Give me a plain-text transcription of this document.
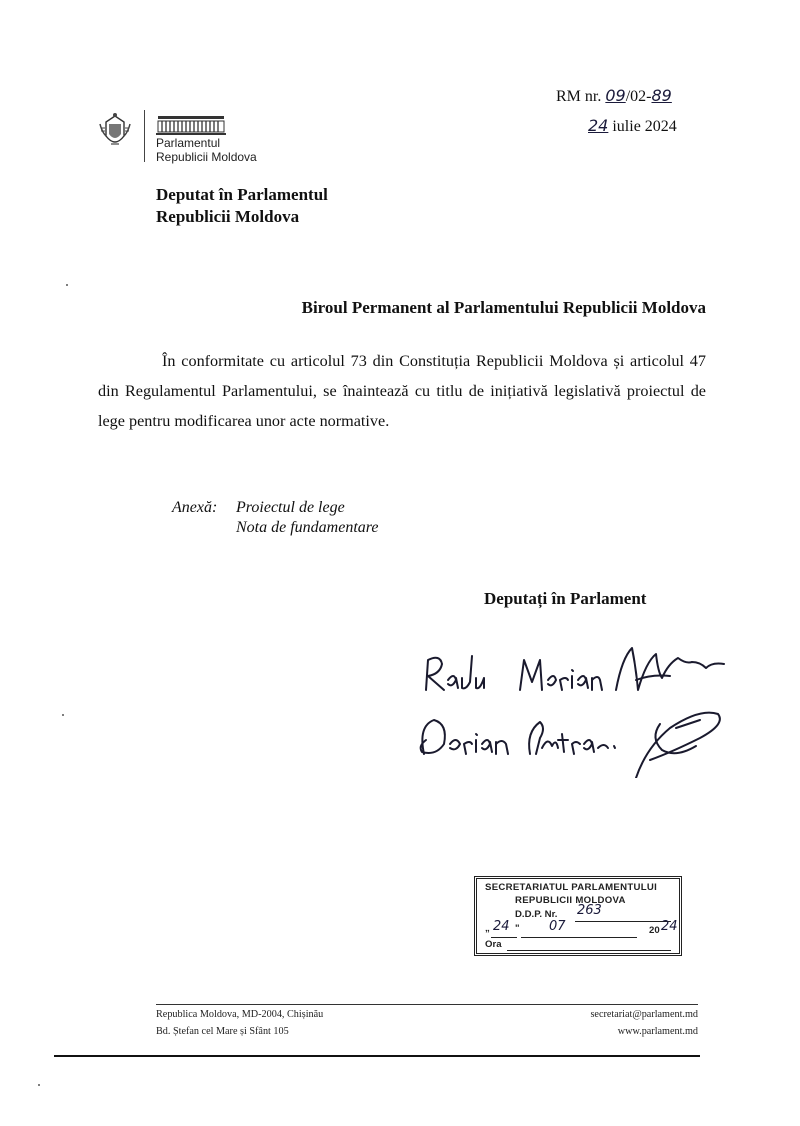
Parlamentul
Republicii Moldova
RM nr. 09/02-89
24 iulie 2024
Deputat în Parlamentul
Republicii Moldova
Biroul Permanent al Parlamentului Republicii Moldova
În conformitate cu articolul 73 din Constituția Republicii Moldova și articolul 47 din Regulamentul Parlamentului, se înaintează cu titlu de inițiativă legislativă proiectul de lege pentru modificarea unor acte normative.
Anexă: Proiectul de lege
Nota de fundamentare
Deputați în Parlament
SECRETARIATUL PARLAMENTULUI
REPUBLICII MOLDOVA
D.D.P. Nr. 263
„ 24 " 07	20 24
Ora
Republica Moldova, MD-2004, Chișinău
Bd. Ștefan cel Mare și Sfânt 105
secretariat@parlament.md
www.parlament.md
